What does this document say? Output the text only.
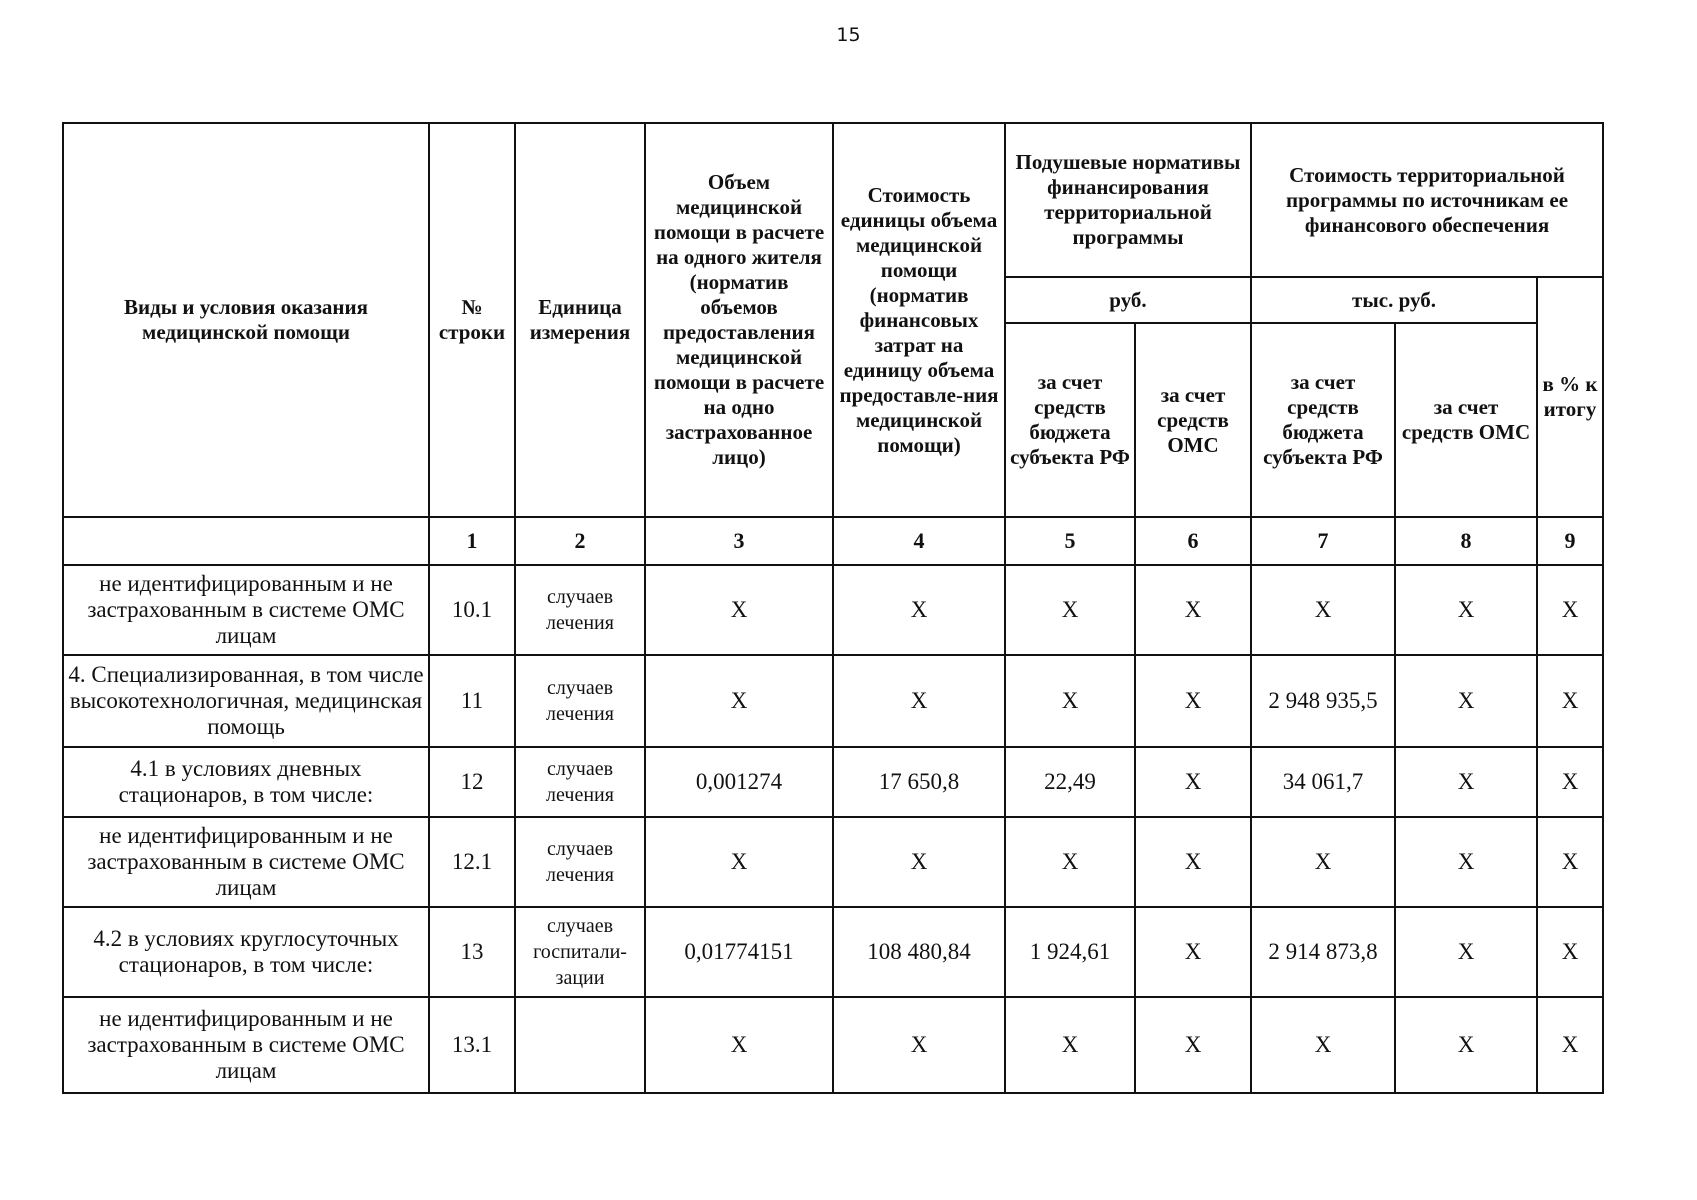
15
Виды и условия оказания медицинской помощи	№ строки	Единица измерения	Объем медицинской помощи в расчете на одного жителя (норматив объемов предоставления медицинской помощи в расчете на одно застрахованное лицо)	Стоимость единицы объема медицинской помощи (норматив финансовых затрат на единицу объема предоставле-ния медицинской помощи)	Подушевые нормативы финансирования территориальной программы		Стоимость территориальной программы по источникам ее финансового обеспечения		
					руб.		тыс. руб.		в % к итогу
					за счет средств бюджета субъекта РФ	за счет средств ОМС	за счет средств бюджета субъекта РФ	за счет средств ОМС	

	1	2	3	4	5	6	7	8	9
не идентифицированным и не застрахованным в системе ОМС лицам	10.1	случаев лечения	X	X	X	X	X	X	X
4. Специализированная, в том числе высокотехнологичная, медицинская помощь	11	случаев лечения	X	X	X	X	2 948 935,5	X	X
4.1 в условиях дневных стационаров, в том числе:	12	случаев лечения	0,001274	17 650,8	22,49	X	34 061,7	X	X
не идентифицированным и не застрахованным в системе ОМС лицам	12.1	случаев лечения	X	X	X	X	X	X	X
4.2 в условиях круглосуточных стационаров, в том числе:	13	случаев госпитали-зации	0,01774151	108 480,84	1 924,61	X	2 914 873,8	X	X
не идентифицированным и не застрахованным в системе ОМС лицам	13.1		X	X	X	X	X	X	X
